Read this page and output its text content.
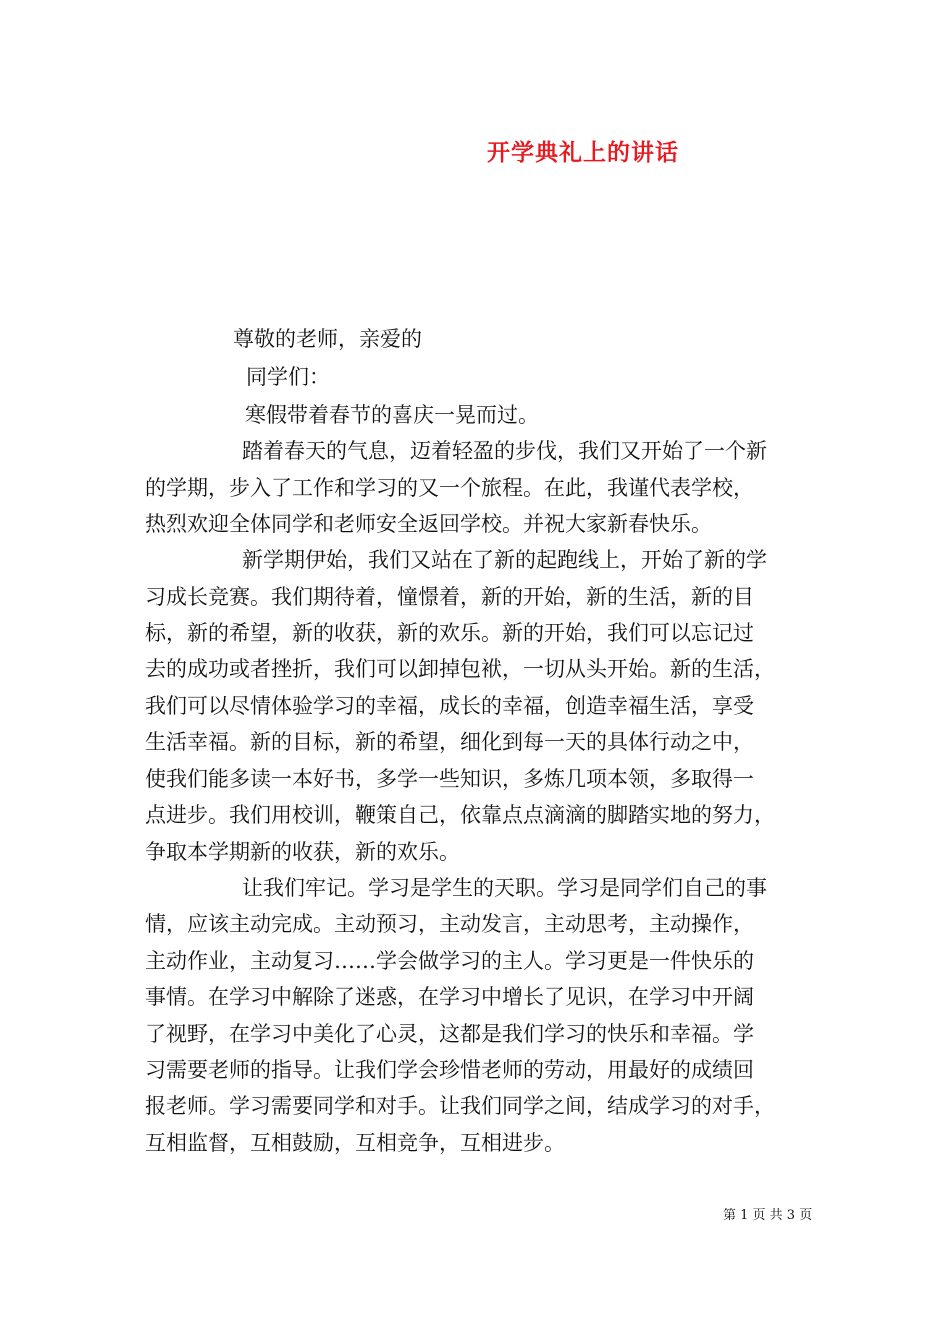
开学典礼上的讲话
尊敬的老师，亲爱的
同学们：
寒假带着春节的喜庆一晃而过。
踏着春天的气息，迈着轻盈的步伐，我们又开始了一个新
的学期，步入了工作和学习的又一个旅程。在此，我谨代表学校，
热烈欢迎全体同学和老师安全返回学校。并祝大家新春快乐。
新学期伊始，我们又站在了新的起跑线上，开始了新的学
习成长竞赛。我们期待着，憧憬着，新的开始，新的生活，新的目
标，新的希望，新的收获，新的欢乐。新的开始，我们可以忘记过
去的成功或者挫折，我们可以卸掉包袱，一切从头开始。新的生活，
我们可以尽情体验学习的幸福，成长的幸福，创造幸福生活，享受
生活幸福。新的目标，新的希望，细化到每一天的具体行动之中，
使我们能多读一本好书，多学一些知识，多炼几项本领，多取得一
点进步。我们用校训，鞭策自己，依靠点点滴滴的脚踏实地的努力，
争取本学期新的收获，新的欢乐。
让我们牢记。学习是学生的天职。学习是同学们自己的事
情，应该主动完成。主动预习，主动发言，主动思考，主动操作，
主动作业，主动复习……学会做学习的主人。学习更是一件快乐的
事情。在学习中解除了迷惑，在学习中增长了见识，在学习中开阔
了视野，在学习中美化了心灵，这都是我们学习的快乐和幸福。学
习需要老师的指导。让我们学会珍惜老师的劳动，用最好的成绩回
报老师。学习需要同学和对手。让我们同学之间，结成学习的对手，
互相监督，互相鼓励，互相竞争，互相进步。
第 1 页 共 3 页
